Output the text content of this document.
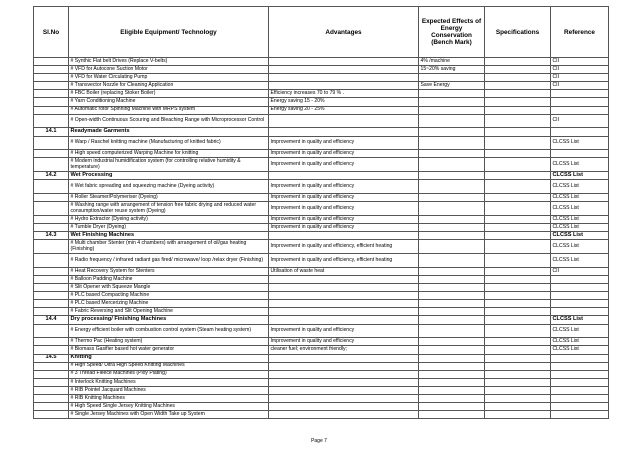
Sl.No	Eligible Equipment/ Technology	Advantages	Expected Effects of Energy Conservation (Bench Mark)	Specifications	Reference
	# Synthic Flat belt Drives (Replace V-belts)		4% /machine		CII
	# VFD for Autocone Suction Motor		15~20% saving		CII
	# VFD for Water Circulating Pump				CII
	# Transvector Nozzle for Cleaning Application		Save Energy		CII
	# FBC Boiler (replacing Stoker Boiler)	Efficiency increases 70 to 79 % .			
	# Yarn Conditioning Machine	Energy saving 15 - 20%			
	# Automatic rotor Spinning Machine with MRPS system	Energy saving 20 - 25%			
	# Open-width Continuous Scouring and Bleaching Range with Microprocessor Control				CII
14.1	Readymade Garments				
	# Warp / Raschel knitting machine (Manufacturing of knitted fabric)	Improvement in quality and efficiency			CLCSS List
	# High speed computerized Warping Machine for knitting	Improvement in quality and efficiency			
	# Modern industrial humidification system (for controlling relative humidity & temperature)	Improvement in quality and efficiency			CLCSS List
14.2	Wet Processing				CLCSS List
	# Wet fabric spreading and squeezing machine (Dyeing activity)	Improvement in quality and efficiency			CLCSS List
	# Roller Steamer/Polymeriser (Dyeing)	Improvement in quality and efficiency			CLCSS List
	# Washing range with arrangement of tension free fabric drying and reduced water consumption/water reuse system (Dyeing)	Improvement in quality and efficiency			CLCSS List
	# Hydro Extractor (Dyeing activity)	Improvement in quality and efficiency			CLCSS List
	# Tumble Dryer (Dyeing)	Improvement in quality and efficiency			CLCSS List
14.3	Wet Finishing Machines				CLCSS List
	# Multi chamber Stenter (min 4 chambers) with arrangement of oil/gas heating (Finishing)	Improvement in quality and efficiency, efficient heating			CLCSS List
	# Radio frequency / infrared radiant gas fired/ microwave/ loop /relax dryer (Finishing)	Improvement in quality and efficiency, efficient heating			CLCSS List
	# Heat Recovery System for Stenters	Utilisation of waste heat			CII
	# Balloon Padding Machine				
	# Slit Opener with Squeeze Mangle				
	# PLC based Compacting Machine				
	# PLC based Mercerizing Machine				
	# Fabric Reversing and Slit Opening Machine				
14.4	Dry processing/ Finishing Machines				CLCSS List
	# Energy efficient boiler with combustion control system (Steam heating system)	Improvement in quality and efficiency			CLCSS List
	# Thermo Pac (Heating system)	Improvement in quality and efficiency			CLCSS List
	# Biomass Gasifier based hot water generator	cleaner fuel; environment friendly;			CLCSS List
14.5	Knitting				
	# High Speed/ Ultra High Speed Knitting Machines				
	# 3 Thread Fleece Machines (Ploy Plating)				
	# Interlock Knitting Machines				
	# RIB Pointel Jacquard Machines				
	# RIB Knitting Machines				
	# High Speed Single Jersey Knitting Machines				
	# Single Jersey Machines with Open Width Take up System				
Page 7
